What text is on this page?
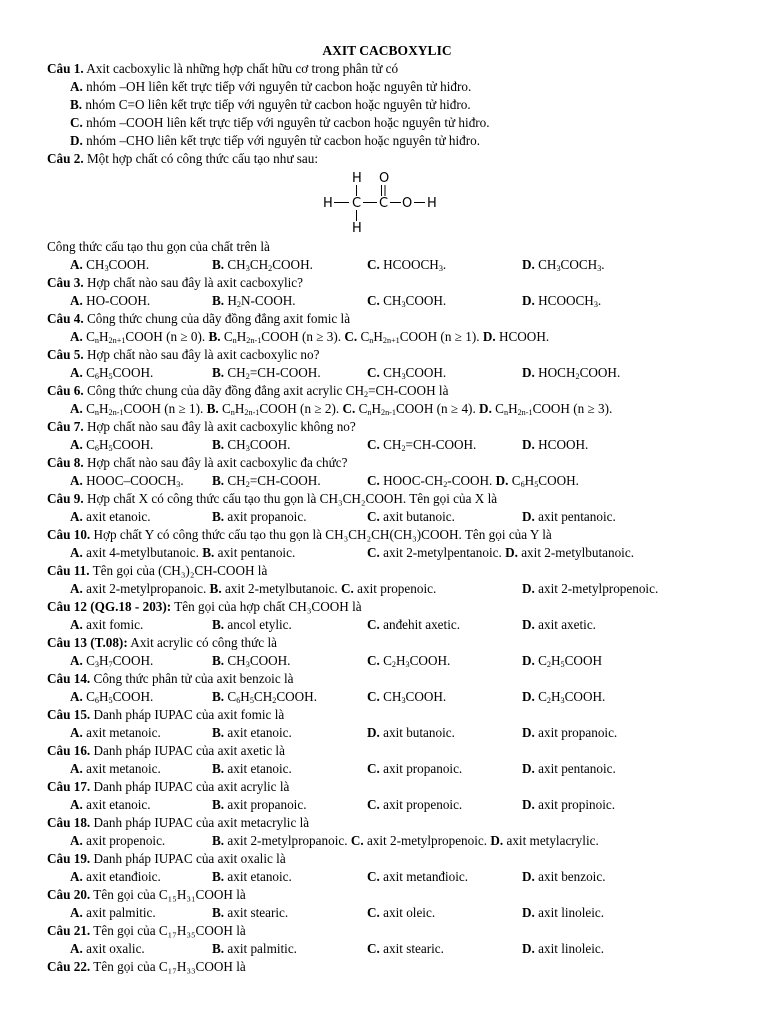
AXIT CACBOXYLIC
Câu 1. Axit cacboxylic là những hợp chất hữu cơ trong phân tử có
A. nhóm –OH liên kết trực tiếp với nguyên tử cacbon hoặc nguyên tử hiđro.
B. nhóm C=O liên kết trực tiếp với nguyên tử cacbon hoặc nguyên tử hiđro.
C. nhóm –COOH liên kết trực tiếp với nguyên tử cacbon hoặc nguyên tử hiđro.
D. nhóm –CHO liên kết trực tiếp với nguyên tử cacbon hoặc nguyên tử hiđro.
Câu 2. Một hợp chất có công thức cấu tạo như sau:
H O
H C C O H
H
Công thức cấu tạo thu gọn của chất trên là
A. $CH_3COOH$.	B. $CH_3CH_2COOH$.	C. $HCOOCH_3$.	D. $CH_3COCH_3$.
Câu 3. Hợp chất nào sau đây là axit cacboxylic?
A. HO-COOH.	B. $H_2N$-COOH.	C. $CH_3COOH$.	D. $HCOOCH_3$.
Câu 4. Công thức chung của dãy đồng đẳng axit fomic là
A. $C_nH_{2n+1}COOH$ (n ≥ 0). B. $C_nH_{2n-1}COOH$ (n ≥ 3). C. $C_nH_{2n+1}COOH$ (n ≥ 1). D. HCOOH.
Câu 5. Hợp chất nào sau đây là axit cacboxylic no?
A. $C_6H_5COOH$.	B. $CH_2=CH$-COOH.	C. $CH_3COOH$.	D. $HOCH_2COOH$.
Câu 6. Công thức chung của dãy đồng đẳng axit acrylic $CH_2=CH$-COOH là
A. $C_nH_{2n-1}COOH$ (n ≥ 1). B. $C_nH_{2n-1}COOH$ (n ≥ 2). C. $C_nH_{2n-1}COOH$ (n ≥ 4). D. $C_nH_{2n-1}COOH$ (n ≥ 3).
Câu 7. Hợp chất nào sau đây là axit cacboxylic không no?
A. $C_6H_5COOH$.	B. $CH_3COOH$.	C. $CH_2=CH$-COOH.	D. HCOOH.
Câu 8. Hợp chất nào sau đây là axit cacboxylic đa chức?
A. HOOC–$COOCH_3$. B. $CH_2=CH$-COOH.	C. HOOC-$CH_2$-COOH. D. $C_6H_5COOH$.
Câu 9. Hợp chất X có công thức cấu tạo thu gọn là CH₃CH₂COOH. Tên gọi của X là
A. axit etanoic.	B. axit propanoic.	C. axit butanoic.	D. axit pentanoic.
Câu 10. Hợp chất Y có công thức cấu tạo thu gọn là CH₃CH₂CH(CH₃)COOH. Tên gọi của Y là
A. axit 4-metylbutanoic. B. axit pentanoic.	C. axit 2-metylpentanoic. D. axit 2-metylbutanoic.
Câu 11. Tên gọi của (CH₃)₂CH-COOH là
A. axit 2-metylpropanoic. B. axit 2-metylbutanoic. C. axit propenoic.	D. axit 2-metylpropenoic.
Câu 12 (QG.18 - 203): Tên gọi của hợp chất CH₃COOH là
A. axit fomic.	B. ancol etylic.	C. anđehit axetic.	D. axit axetic.
Câu 13 (T.08): Axit acrylic có công thức là
A. $C_3H_7COOH$.	B. $CH_3COOH$.	C. $C_2H_3COOH$.	D. $C_2H_5COOH$
Câu 14. Công thức phân tử của axit benzoic là
A. $C_6H_5COOH$.	B. $C_6H_5CH_2COOH$.	C. $CH_3COOH$.	D. $C_2H_3COOH$.
Câu 15. Danh pháp IUPAC của axit fomic là
A. axit metanoic.	B. axit etanoic.	D. axit butanoic.	D. axit propanoic.
Câu 16. Danh pháp IUPAC của axit axetic là
A. axit metanoic.	B. axit etanoic.	C. axit propanoic.	D. axit pentanoic.
Câu 17. Danh pháp IUPAC của axit acrylic là
A. axit etanoic.	B. axit propanoic.	C. axit propenoic.	D. axit propinoic.
Câu 18. Danh pháp IUPAC của axit metacrylic là
A. axit propenoic.	B. axit 2-metylpropanoic. C. axit 2-metylpropenoic. D. axit metylacrylic.
Câu 19. Danh pháp IUPAC của axit oxalic là
A. axit etanđioic.	B. axit etanoic.	C. axit metanđioic.	D. axit benzoic.
Câu 20. Tên gọi của C₁₅H₃₁COOH là
A. axit palmitic.	B. axit stearic.	C. axit oleic.	D. axit linoleic.
Câu 21. Tên gọi của C₁₇H₃₅COOH là
A. axit oxalic.	B. axit palmitic.	C. axit stearic.	D. axit linoleic.
Câu 22. Tên gọi của C₁₇H₃₃COOH là
